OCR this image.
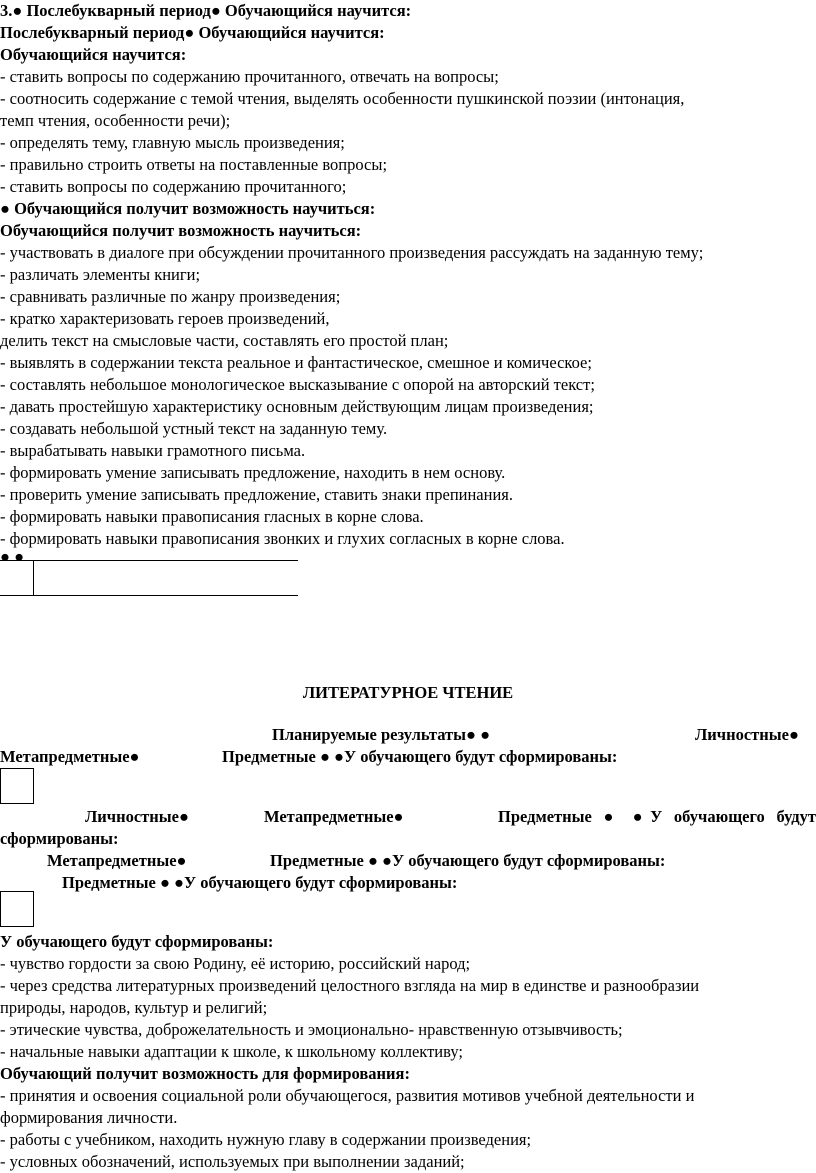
3.● Послебукварный период● Обучающийся научится:
Послебукварный период● Обучающийся научится:
Обучающийся научится:
- ставить вопросы по содержанию прочитанного, отвечать на вопросы;
- соотносить содержание с темой чтения, выделять особенности пушкинской поэзии (интонация,
темп чтения, особенности речи);
- определять тему, главную мысль произведения;
- правильно строить ответы на поставленные вопросы;
- ставить вопросы по содержанию прочитанного;
● Обучающийся получит возможность научиться:
Обучающийся получит возможность научиться:
- участвовать в диалоге при обсуждении прочитанного произведения рассуждать на заданную тему;
- различать элементы книги;
- сравнивать различные по жанру произведения;
- кратко характеризовать героев произведений,
делить текст на смысловые части, составлять его простой план;
- выявлять в содержании текста реальное и фантастическое, смешное и комическое;
- составлять небольшое монологическое высказывание с опорой на авторский текст;
- давать простейшую характеристику основным действующим лицам произведения;
- создавать небольшой устный текст на заданную тему.
- вырабатывать навыки грамотного письма.
- формировать умение записывать предложение, находить в нем основу.
- проверить умение записывать предложение, ставить знаки препинания.
- формировать навыки правописания гласных в корне слова.
- формировать навыки правописания звонких и глухих согласных в корне слова.
● ●
ЛИТЕРАТУРНОЕ ЧТЕНИЕ
Планируемые результаты● ●	Личностные●
Метапредметные●	Предметные ● ●У обучающего будут сформированы:
Личностные●	Метапредметные●	Предметные ● ●У обучающего будут
сформированы:
Метапредметные●	Предметные ● ●У обучающего будут сформированы:
Предметные ● ●У обучающего будут сформированы:
У обучающего будут сформированы:
- чувство гордости за свою Родину, её историю, российский народ;
- через средства литературных произведений целостного взгляда на мир в единстве и разнообразии
природы, народов, культур и религий;
- этические чувства, доброжелательность и эмоционально- нравственную отзывчивость;
- начальные навыки адаптации к школе, к школьному коллективу;
Обучающий получит возможность для формирования:
- принятия и освоения социальной роли обучающегося, развития мотивов учебной деятельности и
формирования личности.
- работы с учебником, находить нужную главу в содержании произведения;
- условных обозначений, используемых при выполнении заданий;
